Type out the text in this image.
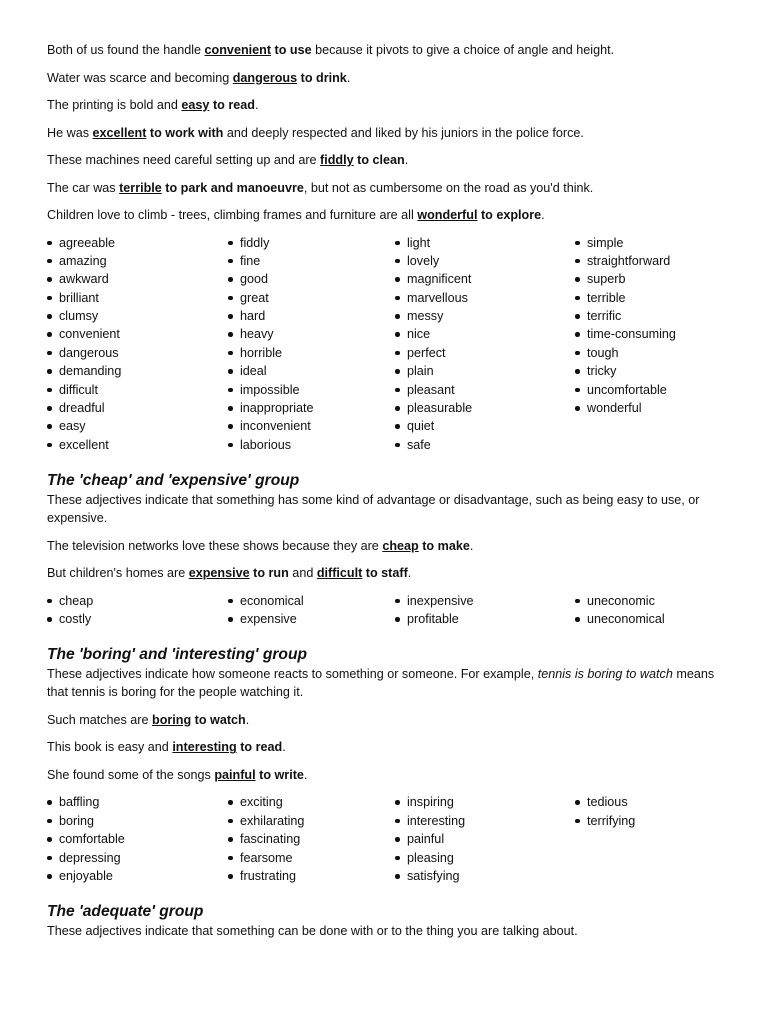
Both of us found the handle convenient to use because it pivots to give a choice of angle and height.

Water was scarce and becoming dangerous to drink.

The printing is bold and easy to read.

He was excellent to work with and deeply respected and liked by his juniors in the police force.

These machines need careful setting up and are fiddly to clean.

The car was terrible to park and manoeuvre, but not as cumbersome on the road as you'd think.

Children love to climb - trees, climbing frames and furniture are all wonderful to explore.

agreeable
amazing
awkward
brilliant
clumsy
convenient
dangerous
demanding
difficult
dreadful
easy
excellent
fiddly
fine
good
great
hard
heavy
horrible
ideal
impossible
inappropriate
inconvenient
laborious
light
lovely
magnificent
marvellous
messy
nice
perfect
plain
pleasant
pleasurable
quiet
safe
simple
straightforward
superb
terrible
terrific
time-consuming
tough
tricky
uncomfortable
wonderful
The 'cheap' and 'expensive' group

These adjectives indicate that something has some kind of advantage or disadvantage, such as being easy to use, or expensive.

The television networks love these shows because they are cheap to make.

But children's homes are expensive to run and difficult to staff.

cheap
costly
economical
expensive
inexpensive
profitable
uneconomic
uneconomical
The 'boring' and 'interesting' group

These adjectives indicate how someone reacts to something or someone. For example, tennis is boring to watch means that tennis is boring for the people watching it.

Such matches are boring to watch.

This book is easy and interesting to read.

She found some of the songs painful to write.

baffling
boring
comfortable
depressing
enjoyable
exciting
exhilarating
fascinating
fearsome
frustrating
inspiring
interesting
painful
pleasing
satisfying
tedious
terrifying
The 'adequate' group

These adjectives indicate that something can be done with or to the thing you are talking about.
